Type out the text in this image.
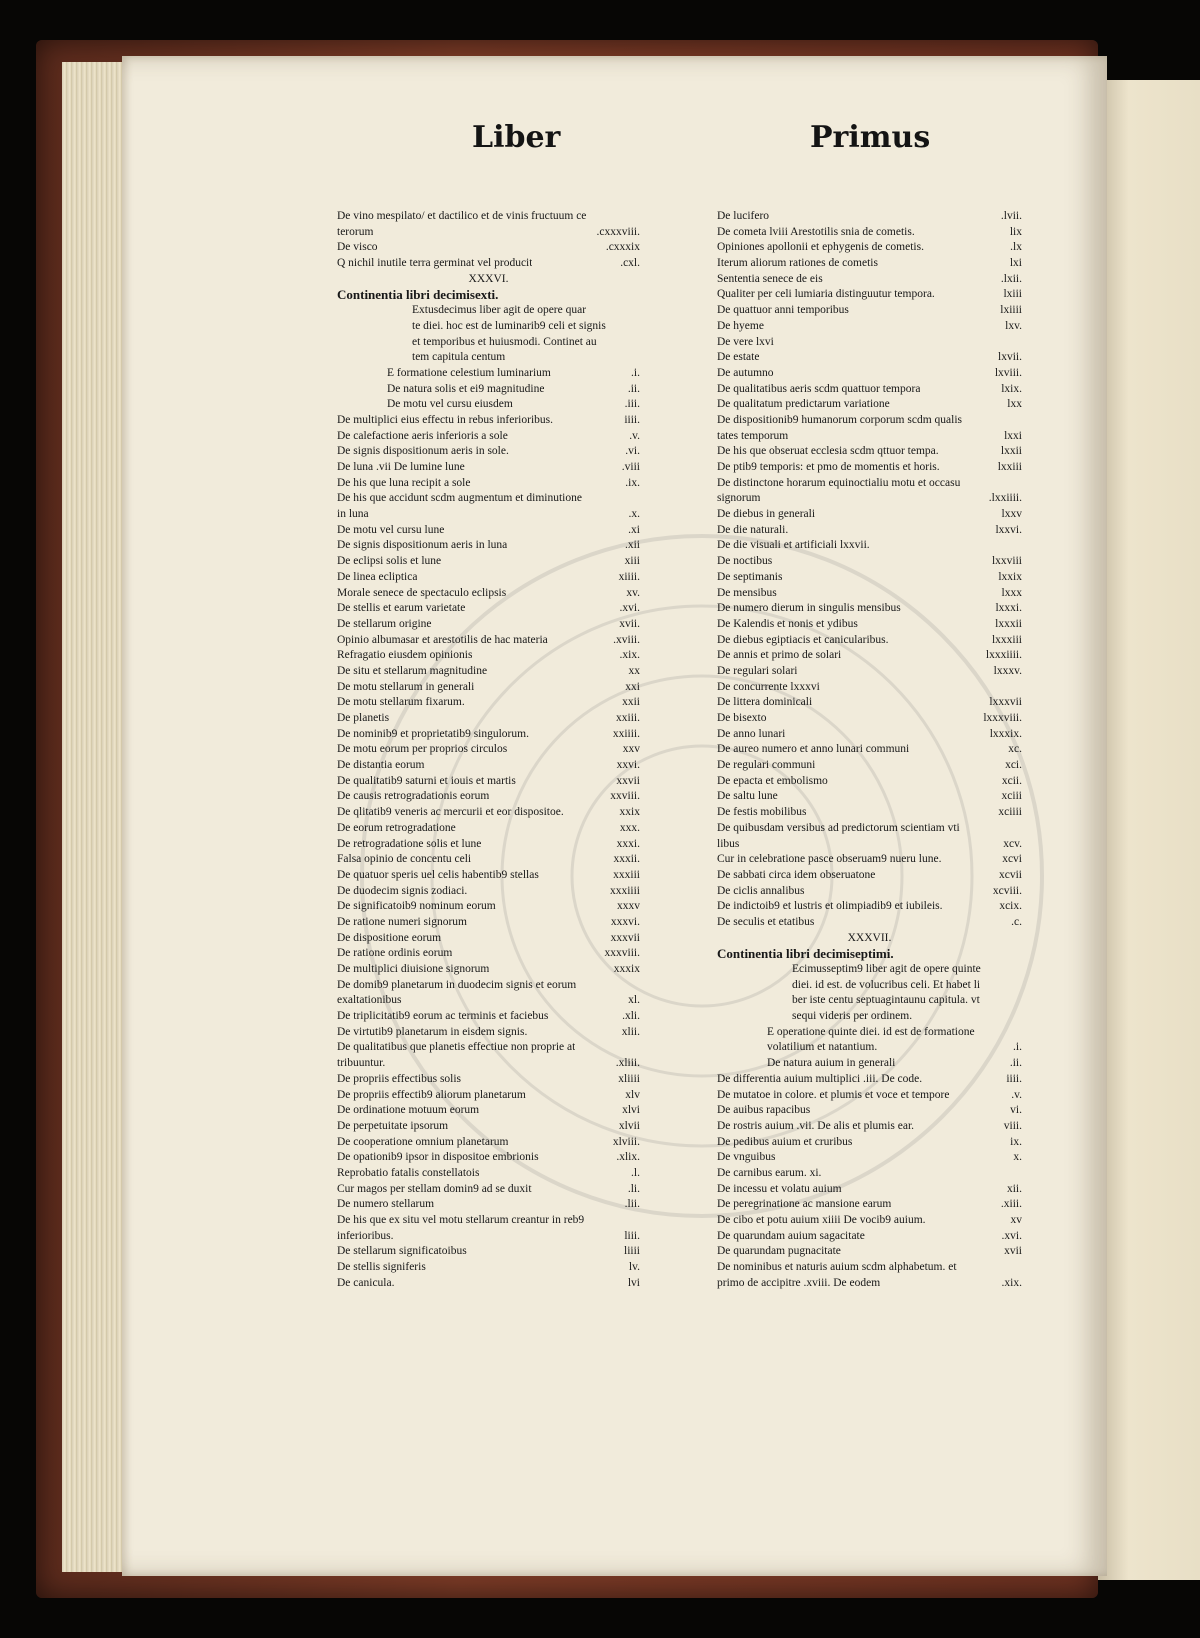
Liber	Primus
De vino mespilato/ et dactilico et de vinis fructuum ce
terorum	.cxxxviii.
De visco	.cxxxix
Q nichil inutile terra germinat vel producit	.cxl.
XXXVI.
Continentia libri decimisexti.
Extusdecimus liber agit de opere quar
te diei. hoc est de luminarib9 celi et signis
et temporibus et huiusmodi. Continet au
tem capitula centum
E formatione celestium luminarium	.i.
De natura solis et ei9 magnitudine	.ii.
De motu vel cursu eiusdem	.iii.
De multiplici eius effectu in rebus inferioribus.	iiii.
De calefactione aeris inferioris a sole	.v.
De signis dispositionum aeris in sole.	.vi.
De luna .vii De lumine lune	.viii
De his que luna recipit a sole	.ix.
De his que accidunt scdm augmentum et diminutione
in luna	.x.
De motu vel cursu lune	.xi
De signis dispositionum aeris in luna	.xii
De eclipsi solis et lune	xiii
De linea ecliptica	xiiii.
Morale senece de spectaculo eclipsis	xv.
De stellis et earum varietate	.xvi.
De stellarum origine	xvii.
Opinio albumasar et arestotilis de hac materia	.xviii.
Refragatio eiusdem opinionis	.xix.
De situ et stellarum magnitudine	xx
De motu stellarum in generali	xxi
De motu stellarum fixarum.	xxii
De planetis	xxiii.
De nominib9 et proprietatib9 singulorum.	xxiiii.
De motu eorum per proprios circulos	xxv
De distantia eorum	xxvi.
De qualitatib9 saturni et iouis et martis	xxvii
De causis retrogradationis eorum	xxviii.
De qlitatib9 veneris ac mercurii et eor dispositoe.	xxix
De eorum retrogradatione	xxx.
De retrogradatione solis et lune	xxxi.
Falsa opinio de concentu celi	xxxii.
De quatuor speris uel celis habentib9 stellas	xxxiii
De duodecim signis zodiaci.	xxxiiii
De significatoib9 nominum eorum	xxxv
De ratione numeri signorum	xxxvi.
De dispositione eorum	xxxvii
De ratione ordinis eorum	xxxviii.
De multiplici diuisione signorum	xxxix
De domib9 planetarum in duodecim signis et eorum
exaltationibus	xl.
De triplicitatib9 eorum ac terminis et faciebus	.xli.
De virtutib9 planetarum in eisdem signis.	xlii.
De qualitatibus que planetis effectiue non proprie at
tribuuntur.	.xliii.
De propriis effectibus solis	xliiii
De propriis effectib9 aliorum planetarum	xlv
De ordinatione motuum eorum	xlvi
De perpetuitate ipsorum	xlvii
De cooperatione omnium planetarum	xlviii.
De opationib9 ipsor in dispositoe embrionis	.xlix.
Reprobatio fatalis constellatois	.l.
Cur magos per stellam domin9 ad se duxit	.li.
De numero stellarum	.lii.
De his que ex situ vel motu stellarum creantur in reb9
inferioribus.	liii.
De stellarum significatoibus	liiii
De stellis signiferis	lv.
De canicula.	lvi
De lucifero	.lvii.
De cometa lviii Arestotilis snia de cometis.	lix
Opiniones apollonii et ephygenis de cometis.	.lx
Iterum aliorum rationes de cometis	lxi
Sententia senece de eis	.lxii.
Qualiter per celi lumiaria distinguutur tempora.	lxiii
De quattuor anni temporibus	lxiiii
De hyeme	lxv.
De vere lxvi
De estate	lxvii.
De autumno	lxviii.
De qualitatibus aeris scdm quattuor tempora	lxix.
De qualitatum predictarum variatione	lxx
De dispositionib9 humanorum corporum scdm qualis
tates temporum	lxxi
De his que obseruat ecclesia scdm qttuor tempa.	lxxii
De ptib9 temporis: et pmo de momentis et horis.	lxxiii
De distinctone horarum equinoctialiu motu et occasu
signorum	.lxxiiii.
De diebus in generali	lxxv
De die naturali.	lxxvi.
De die visuali et artificiali lxxvii.
De noctibus	lxxviii
De septimanis	lxxix
De mensibus	lxxx
De numero dierum in singulis mensibus	lxxxi.
De Kalendis et nonis et ydibus	lxxxii
De diebus egiptiacis et canicularibus.	lxxxiii
De annis et primo de solari	lxxxiiii.
De regulari solari	lxxxv.
De concurrente lxxxvi
De littera dominicali	lxxxvii
De bisexto	lxxxviii.
De anno lunari	lxxxix.
De aureo numero et anno lunari communi	xc.
De regulari communi	xci.
De epacta et embolismo	xcii.
De saltu lune	xciii
De festis mobilibus	xciiii
De quibusdam versibus ad predictorum scientiam vti
libus	xcv.
Cur in celebratione pasce obseruam9 nueru lune.	xcvi
De sabbati circa idem obseruatone	xcvii
De ciclis annalibus	xcviii.
De indictoib9 et lustris et olimpiadib9 et iubileis.	xcix.
De seculis et etatibus	.c.
XXXVII.
Continentia libri decimiseptimi.
Ecimusseptim9 liber agit de opere quinte
diei. id est. de volucribus celi. Et habet li
ber iste centu septuagintaunu capitula. vt
sequi videris per ordinem.
E operatione quinte diei. id est de formatione
volatilium et natantium.	.i.
De natura auium in generali	.ii.
De differentia auium multiplici .iii. De code.	iiii.
De mutatoe in colore. et plumis et voce et tempore	.v.
De auibus rapacibus	vi.
De rostris auium .vii. De alis et plumis ear.	viii.
De pedibus auium et cruribus	ix.
De vnguibus	x.
De carnibus earum. xi.
De incessu et volatu auium	xii.
De peregrinatione ac mansione earum	.xiii.
De cibo et potu auium xiiii De vocib9 auium.	xv
De quarundam auium sagacitate	.xvi.
De quarundam pugnacitate	xvii
De nominibus et naturis auium scdm alphabetum. et
primo de accipitre .xviii. De eodem	.xix.
